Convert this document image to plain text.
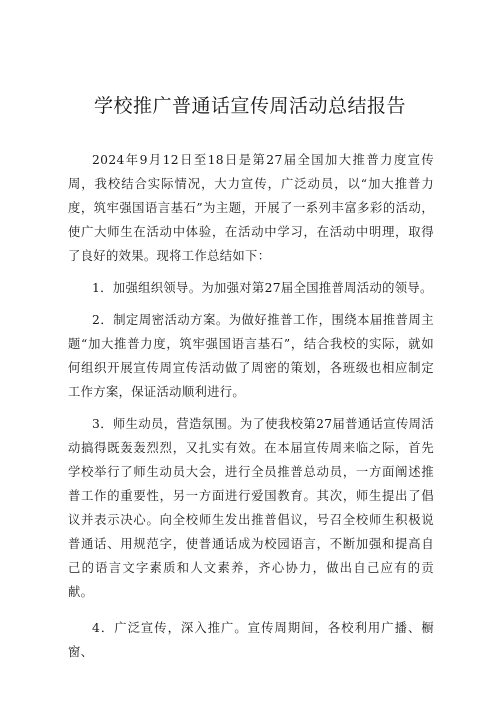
学校推广普通话宣传周活动总结报告

2024年9月12日至18日是第27届全国加大推普力度宣传周，我校结合实际情况，大力宣传，广泛动员，以“加大推普力度，筑牢强国语言基石”为主题，开展了一系列丰富多彩的活动，使广大师生在活动中体验，在活动中学习，在活动中明理，取得了良好的效果。现将工作总结如下：

1．加强组织领导。为加强对第27届全国推普周活动的领导。

2．制定周密活动方案。为做好推普工作，围绕本届推普周主题“加大推普力度，筑牢强国语言基石”，结合我校的实际，就如何组织开展宣传周宣传活动做了周密的策划，各班级也相应制定工作方案，保证活动顺利进行。

3．师生动员，营造氛围。为了使我校第27届普通话宣传周活动搞得既轰轰烈烈，又扎实有效。在本届宣传周来临之际，首先学校举行了师生动员大会，进行全员推普总动员，一方面阐述推普工作的重要性，另一方面进行爱国教育。其次，师生提出了倡议并表示决心。向全校师生发出推普倡议，号召全校师生积极说普通话、用规范字，使普通话成为校园语言，不断加强和提高自己的语言文字素质和人文素养，齐心协力，做出自己应有的贡献。

4．广泛宣传，深入推广。宣传周期间，各校利用广播、橱窗、
